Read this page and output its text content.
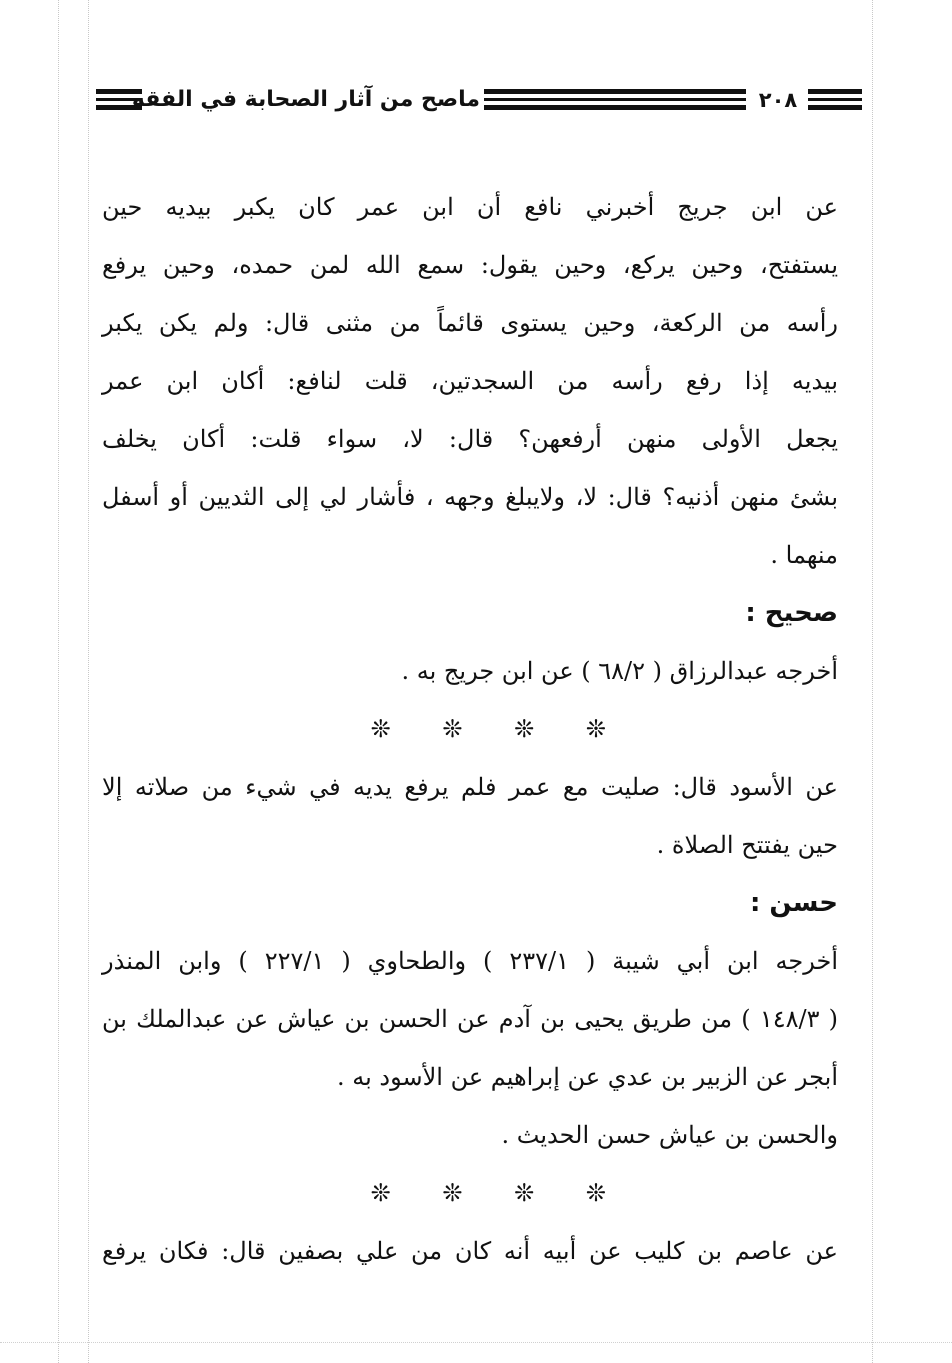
ماصح من آثار الصحابة في الفقه	٢٠٨
عن ابن جريج أخبرني نافع أن ابن عمر كان يكبر بيديه حين
يستفتح، وحين يركع، وحين يقول: سمع الله لمن حمده، وحين يرفع
رأسه من الركعة، وحين يستوى قائماً من مثنى قال: ولم يكن يكبر
بيديه إذا رفع رأسه من السجدتين، قلت لنافع: أكان ابن عمر
يجعل الأولى منهن أرفعهن؟ قال: لا، سواء قلت: أكان يخلف
بشئ منهن أذنيه؟ قال: لا، ولايبلغ وجهه ، فأشار لي إلى الثديين أو أسفل
منهما .
صحيح :
أخرجه عبدالرزاق ( ٦٨/٢ ) عن ابن جريج به .
❊ ❊ ❊ ❊
عن الأسود قال: صليت مع عمر فلم يرفع يديه في شيء من صلاته إلا
حين يفتتح الصلاة .
حسن :
أخرجه ابن أبي شيبة ( ٢٣٧/١ ) والطحاوي ( ٢٢٧/١ ) وابن المنذر
( ١٤٨/٣ ) من طريق يحيى بن آدم عن الحسن بن عياش عن عبدالملك بن
أبجر عن الزبير بن عدي عن إبراهيم عن الأسود به .
والحسن بن عياش حسن الحديث .
❊ ❊ ❊ ❊
عن عاصم بن كليب عن أبيه أنه كان من علي بصفين قال: فكان يرفع
